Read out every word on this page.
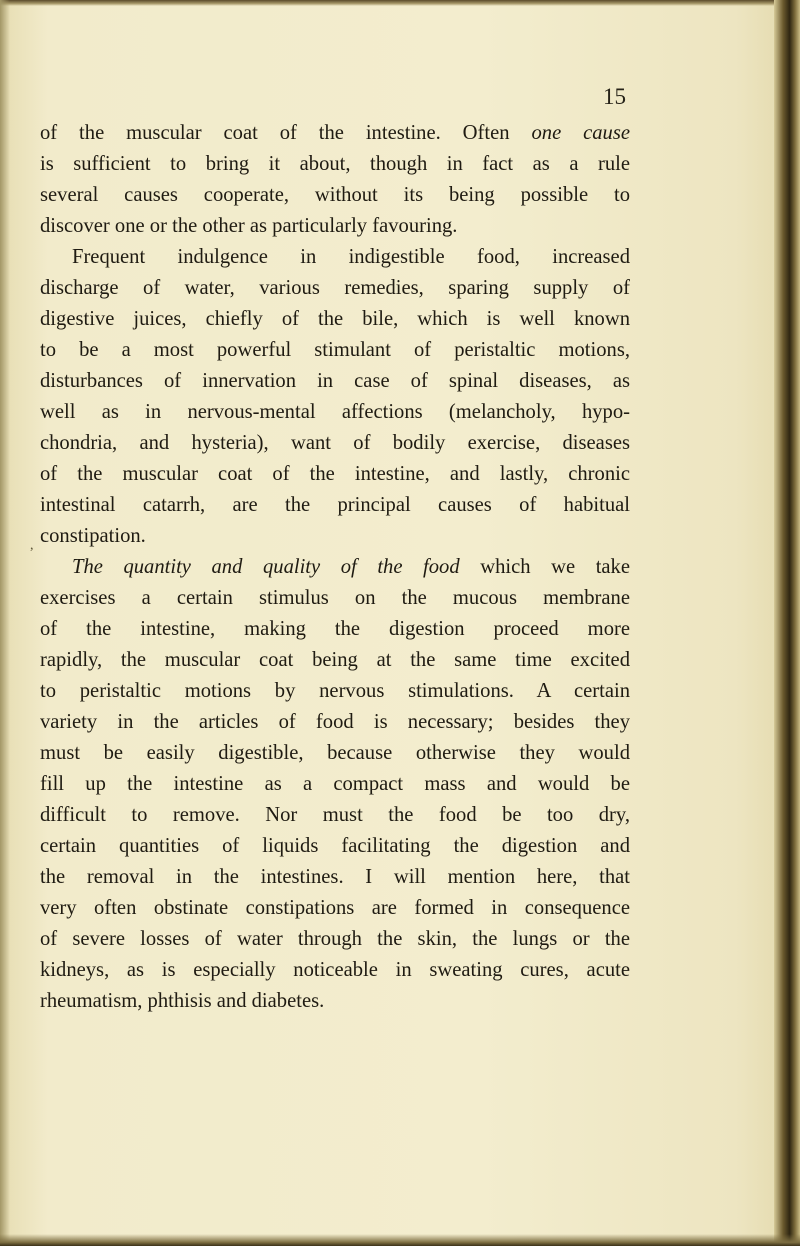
15
,
of the muscular coat of the intestine. Often one cause
is sufficient to bring it about, though in fact as a rule
several causes cooperate, without its being possible to
discover one or the other as particularly favouring.
Frequent indulgence in indigestible food, increased
discharge of water, various remedies, sparing supply of
digestive juices, chiefly of the bile, which is well known
to be a most powerful stimulant of peristaltic motions,
disturbances of innervation in case of spinal diseases, as
well as in nervous-mental affections (melancholy, hypo-
chondria, and hysteria), want of bodily exercise, diseases
of the muscular coat of the intestine, and lastly, chronic
intestinal catarrh, are the principal causes of habitual
constipation.
The quantity and quality of the food which we take
exercises a certain stimulus on the mucous membrane
of the intestine, making the digestion proceed more
rapidly, the muscular coat being at the same time excited
to peristaltic motions by nervous stimulations. A certain
variety in the articles of food is necessary; besides they
must be easily digestible, because otherwise they would
fill up the intestine as a compact mass and would be
difficult to remove. Nor must the food be too dry,
certain quantities of liquids facilitating the digestion and
the removal in the intestines. I will mention here, that
very often obstinate constipations are formed in consequence
of severe losses of water through the skin, the lungs or the
kidneys, as is especially noticeable in sweating cures, acute
rheumatism, phthisis and diabetes.
